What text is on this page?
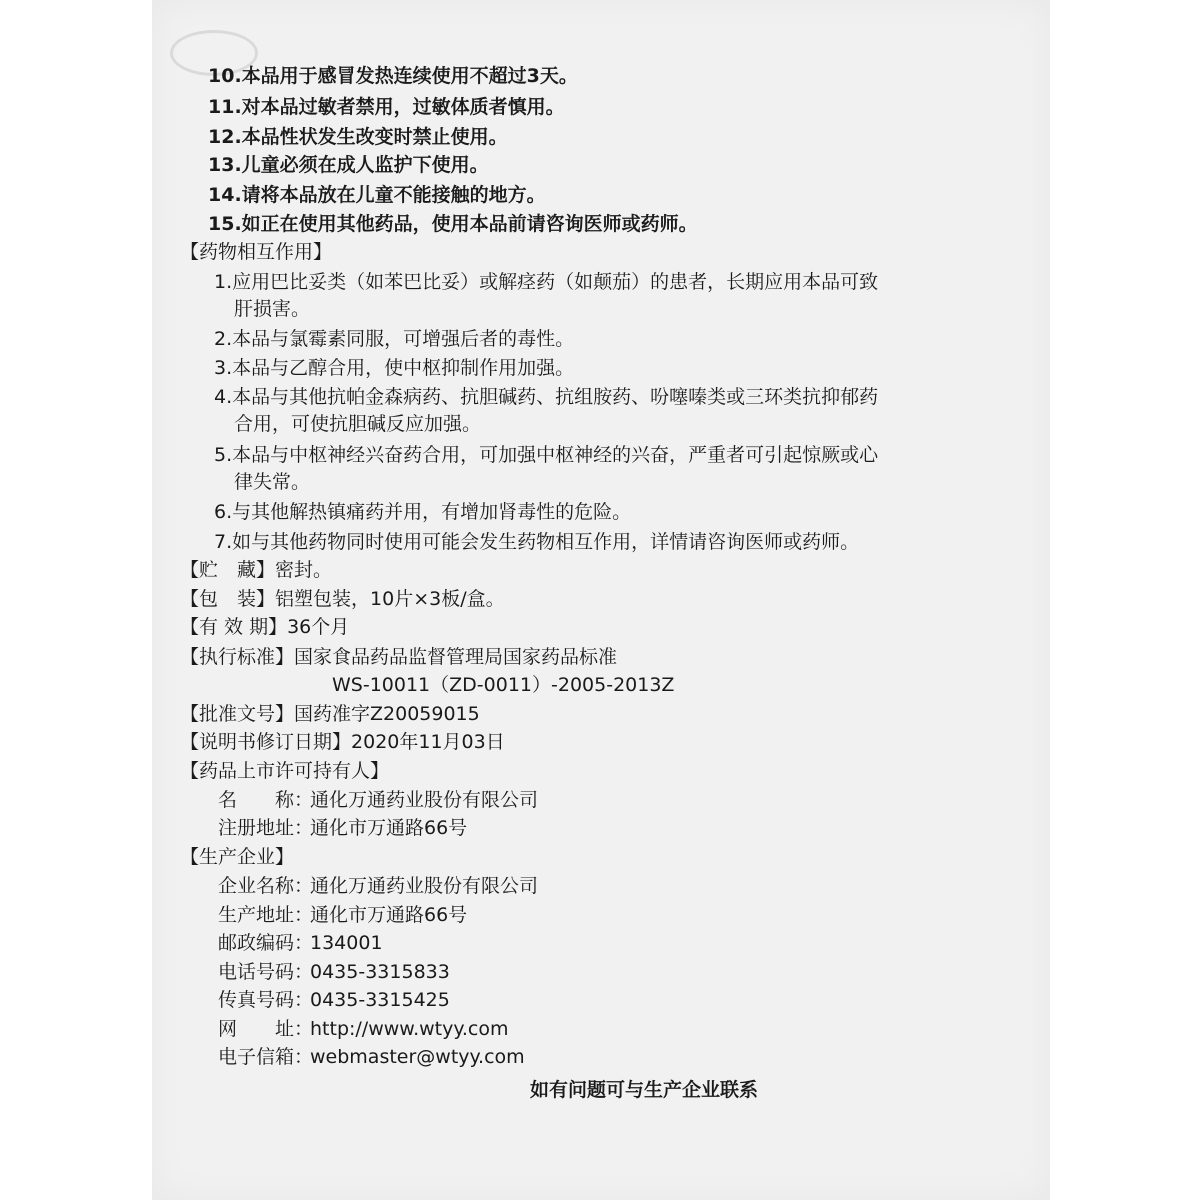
10.本品用于感冒发热连续使用不超过3天。
11.对本品过敏者禁用，过敏体质者慎用。
12.本品性状发生改变时禁止使用。
13.儿童必须在成人监护下使用。
14.请将本品放在儿童不能接触的地方。
15.如正在使用其他药品，使用本品前请咨询医师或药师。
【药物相互作用】
1.应用巴比妥类（如苯巴比妥）或解痉药（如颠茄）的患者，长期应用本品可致
肝损害。
2.本品与氯霉素同服，可增强后者的毒性。
3.本品与乙醇合用，使中枢抑制作用加强。
4.本品与其他抗帕金森病药、抗胆碱药、抗组胺药、吩噻嗪类或三环类抗抑郁药
合用，可使抗胆碱反应加强。
5.本品与中枢神经兴奋药合用，可加强中枢神经的兴奋，严重者可引起惊厥或心
律失常。
6.与其他解热镇痛药并用，有增加肾毒性的危险。
7.如与其他药物同时使用可能会发生药物相互作用，详情请咨询医师或药师。
【贮　藏】密封。
【包　装】铝塑包装，10片×3板/盒。
【有 效 期】36个月
【执行标准】国家食品药品监督管理局国家药品标准
WS-10011（ZD-0011）-2005-2013Z
【批准文号】国药准字Z20059015
【说明书修订日期】2020年11月03日
【药品上市许可持有人】
名　　称：通化万通药业股份有限公司
注册地址：通化市万通路66号
【生产企业】
企业名称：通化万通药业股份有限公司
生产地址：通化市万通路66号
邮政编码：134001
电话号码：0435-3315833
传真号码：0435-3315425
网　　址：http://www.wtyy.com
电子信箱：webmaster@wtyy.com
如有问题可与生产企业联系
